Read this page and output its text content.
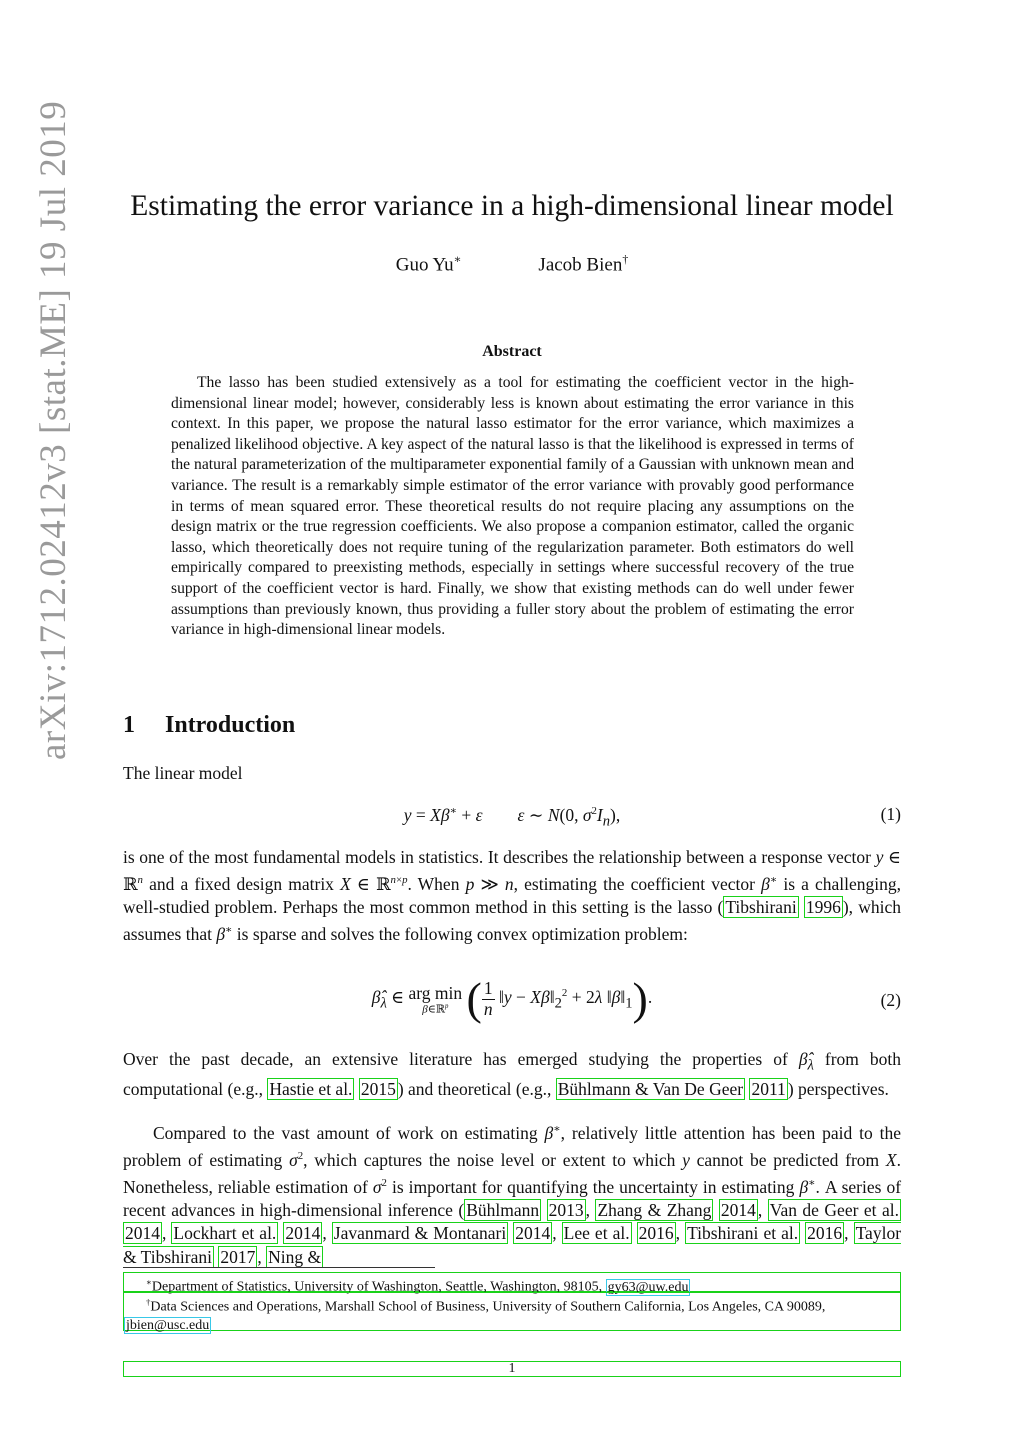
arXiv:1712.02412v3 [stat.ME] 19 Jul 2019	Estimating the error variance in a high-dimensional linear model
Guo Yu∗	Jacob Bien†
Abstract
The lasso has been studied extensively as a tool for estimating the coefficient vector in the high-dimensional linear model; however, considerably less is known about estimating the error variance in this context. In this paper, we propose the natural lasso estimator for the error variance, which maximizes a penalized likelihood objective. A key aspect of the natural lasso is that the likelihood is expressed in terms of the natural parameterization of the multiparameter exponential family of a Gaussian with unknown mean and variance. The result is a remarkably simple estimator of the error variance with provably good performance in terms of mean squared error. These theoretical results do not require placing any assumptions on the design matrix or the true regression coefficients. We also propose a companion estimator, called the organic lasso, which theoretically does not require tuning of the regularization parameter. Both estimators do well empirically compared to preexisting methods, especially in settings where successful recovery of the true support of the coefficient vector is hard. Finally, we show that existing methods can do well under fewer assumptions than previously known, thus providing a fuller story about the problem of estimating the error variance in high-dimensional linear models.
1 Introduction
The linear model
y = Xβ∗ + ε ε ∼ N(0, $\sigma^2I_n$),	(1)
is one of the most fundamental models in statistics. It describes the relationship between a response vector y ∈ ℝ$^n$ and a fixed design matrix X ∈ ℝ$^{n\times p}$. When p ≫ n, estimating the coefficient vector β∗ is a challenging, well-studied problem. Perhaps the most common method in this setting is the lasso ( Tibshirani 1996 ), which assumes that β∗ is sparse and solves the following convex optimization problem:
$\betâ_\lambda$ ∈ arg min
β∈ℝ$^p$ ( $\frac{1}{n}$ ‖y − $X\beta‖_2^2 + 2\lambda$ $‖\beta‖_1$).	(2)
Over the past decade, an extensive literature has emerged studying the properties of $\betâ_\lambda$ from both computational (e.g., Hastie et al. 2015 ) and theoretical (e.g., Bühlmann & Van De Geer 2011 ) perspectives.
Compared to the vast amount of work on estimating β∗, relatively little attention has been paid to the problem of estimating $\sigma^2$, which captures the noise level or extent to which y cannot be predicted from X. Nonetheless, reliable estimation of $\sigma^2$ is important for quantifying the uncertainty in estimating β∗. A series of recent advances in high-dimensional inference ( Bühlmann 2013 , Zhang & Zhang 2014 , Van de Geer et al. 2014 , Lockhart et al. 2014 , Javanmard & Montanari 2014 , Lee et al. 2016 , Tibshirani et al. 2016 , Taylor & Tibshirani 2017 , Ning &
∗Department of Statistics, University of Washington, Seattle, Washington, 98105, gy63@uw.edu
†Data Sciences and Operations, Marshall School of Business, University of Southern California, Los Angeles, CA 90089, jbien@usc.edu
1
